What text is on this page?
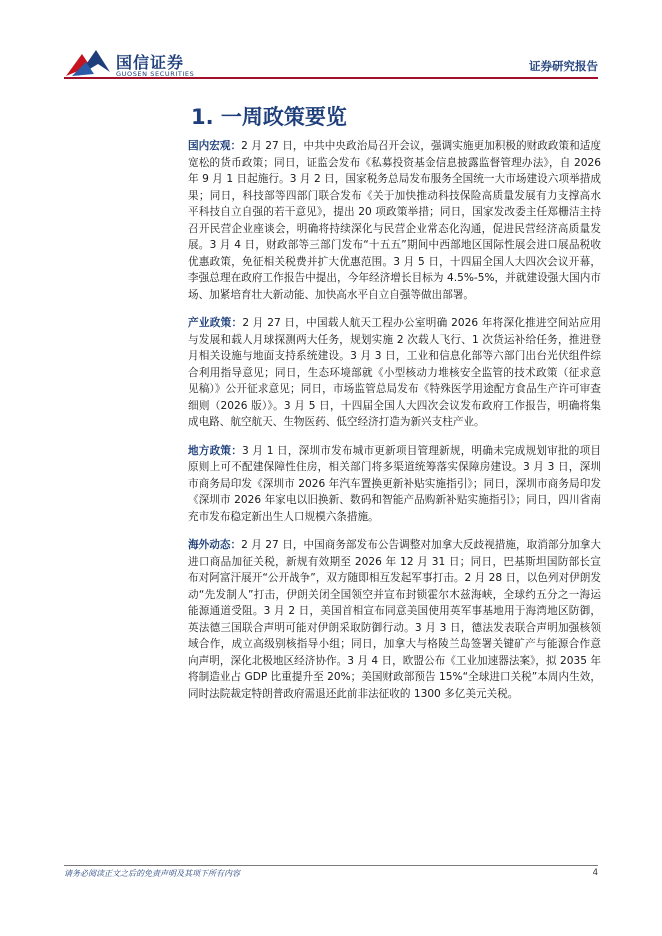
国信证券
GUOSEN SECURITIES
证券研究报告
1. 一周政策要览

国内宏观：2 月 27 日，中共中央政治局召开会议，强调实施更加积极的财政政策和适度宽松的货币政策；同日，证监会发布《私募投资基金信息披露监督管理办法》，自 2026 年 9 月 1 日起施行。3 月 2 日，国家税务总局发布服务全国统一大市场建设六项举措成果；同日，科技部等四部门联合发布《关于加快推动科技保险高质量发展有力支撑高水平科技自立自强的若干意见》，提出 20 项政策举措；同日，国家发改委主任郑栅洁主持召开民营企业座谈会，明确将持续深化与民营企业常态化沟通，促进民营经济高质量发展。3 月 4 日，财政部等三部门发布“十五五”期间中西部地区国际性展会进口展品税收优惠政策，免征相关税费并扩大优惠范围。3 月 5 日，十四届全国人大四次会议开幕，李强总理在政府工作报告中提出，今年经济增长目标为 4.5%-5%，并就建设强大国内市场、加紧培育壮大新动能、加快高水平自立自强等做出部署。

产业政策：2 月 27 日，中国载人航天工程办公室明确 2026 年将深化推进空间站应用与发展和载人月球探测两大任务，规划实施 2 次载人飞行、1 次货运补给任务，推进登月相关设施与地面支持系统建设。3 月 3 日，工业和信息化部等六部门出台光伏组件综合利用指导意见；同日，生态环境部就《小型核动力堆核安全监管的技术政策（征求意见稿）》公开征求意见；同日，市场监管总局发布《特殊医学用途配方食品生产许可审查细则（2026 版）》。3 月 5 日，十四届全国人大四次会议发布政府工作报告，明确将集成电路、航空航天、生物医药、低空经济打造为新兴支柱产业。

地方政策：3 月 1 日，深圳市发布城市更新项目管理新规，明确未完成规划审批的项目原则上可不配建保障性住房，相关部门将多渠道统筹落实保障房建设。3 月 3 日，深圳市商务局印发《深圳市 2026 年汽车置换更新补贴实施指引》；同日，深圳市商务局印发《深圳市 2026 年家电以旧换新、数码和智能产品购新补贴实施指引》；同日，四川省南充市发布稳定新出生人口规模六条措施。

海外动态：2 月 27 日，中国商务部发布公告调整对加拿大反歧视措施，取消部分加拿大进口商品加征关税，新规有效期至 2026 年 12 月 31 日；同日，巴基斯坦国防部长宣布对阿富汗展开“公开战争”，双方随即相互发起军事打击。2 月 28 日，以色列对伊朗发动“先发制人”打击，伊朗关闭全国领空并宣布封锁霍尔木兹海峡，全球约五分之一海运能源通道受阻。3 月 2 日，美国首相宣布同意美国使用英军事基地用于海湾地区防御，英法德三国联合声明可能对伊朗采取防御行动。3 月 3 日，德法发表联合声明加强核领域合作，成立高级别核指导小组；同日，加拿大与格陵兰岛签署关键矿产与能源合作意向声明，深化北极地区经济协作。3 月 4 日，欧盟公布《工业加速器法案》，拟 2035 年将制造业占 GDP 比重提升至 20%；美国财政部预告 15%“全球进口关税”本周内生效，同时法院裁定特朗普政府需退还此前非法征收的 1300 多亿美元关税。

请务必阅读正文之后的免责声明及其项下所有内容	4
